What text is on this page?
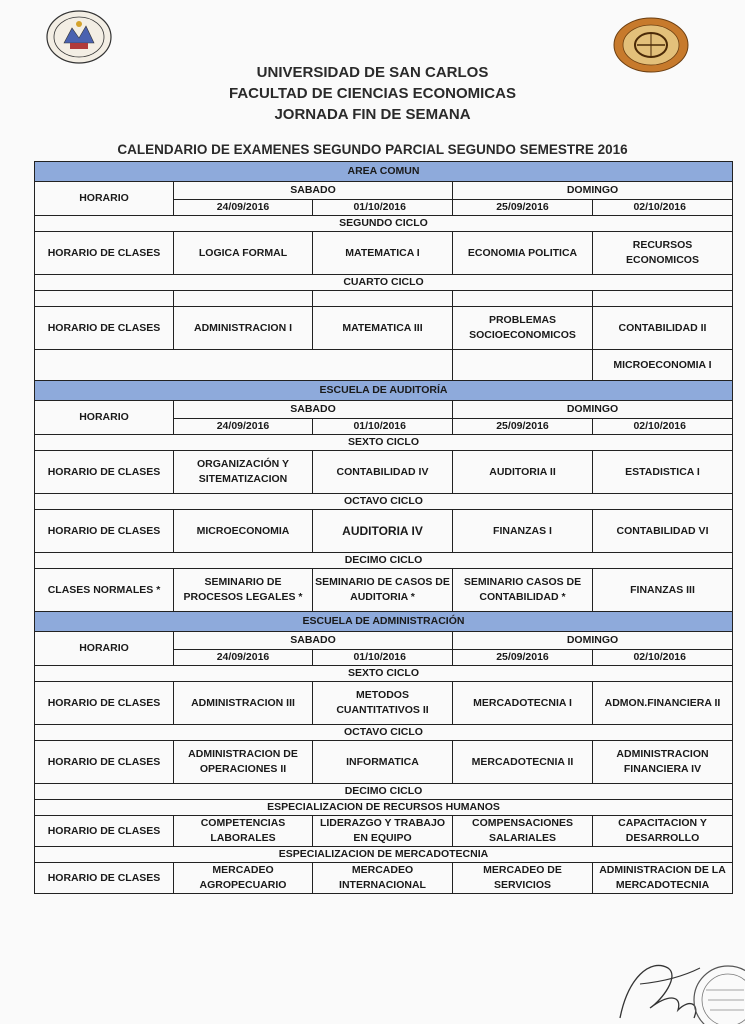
UNIVERSIDAD DE SAN CARLOS
FACULTAD DE CIENCIAS ECONOMICAS
JORNADA FIN DE SEMANA
CALENDARIO DE EXAMENES SEGUNDO PARCIAL SEGUNDO SEMESTRE 2016
AREA COMUN				
HORARIO	SABADO		DOMINGO	
	24/09/2016	01/10/2016	25/09/2016	02/10/2016
SEGUNDO CICLO				
HORARIO DE CLASES	LOGICA FORMAL	MATEMATICA I	ECONOMIA POLITICA	RECURSOS ECONOMICOS
CUARTO CICLO				

HORARIO DE CLASES	ADMINISTRACION I	MATEMATICA III	PROBLEMAS SOCIOECONOMICOS	CONTABILIDAD II
				MICROECONOMIA I
ESCUELA DE AUDITORÍA				
HORARIO	SABADO		DOMINGO	
	24/09/2016	01/10/2016	25/09/2016	02/10/2016
SEXTO CICLO				
HORARIO DE CLASES	ORGANIZACIÓN Y SITEMATIZACION	CONTABILIDAD IV	AUDITORIA II	ESTADISTICA I
OCTAVO CICLO				
HORARIO DE CLASES	MICROECONOMIA	AUDITORIA IV	FINANZAS I	CONTABILIDAD VI
DECIMO CICLO				
CLASES NORMALES *	SEMINARIO DE PROCESOS LEGALES *	SEMINARIO DE CASOS DE AUDITORIA *	SEMINARIO CASOS DE CONTABILIDAD *	FINANZAS III
ESCUELA DE ADMINISTRACIÓN				
HORARIO	SABADO		DOMINGO	
	24/09/2016	01/10/2016	25/09/2016	02/10/2016
SEXTO CICLO				
HORARIO DE CLASES	ADMINISTRACION III	METODOS CUANTITATIVOS II	MERCADOTECNIA I	ADMON.FINANCIERA II
OCTAVO CICLO				
HORARIO DE CLASES	ADMINISTRACION DE OPERACIONES II	INFORMATICA	MERCADOTECNIA II	ADMINISTRACION FINANCIERA IV
DECIMO CICLO				
ESPECIALIZACION DE RECURSOS HUMANOS				
HORARIO DE CLASES	COMPETENCIAS LABORALES	LIDERAZGO Y TRABAJO EN EQUIPO	COMPENSACIONES SALARIALES	CAPACITACION Y DESARROLLO
ESPECIALIZACION DE MERCADOTECNIA				
HORARIO DE CLASES	MERCADEO AGROPECUARIO	MERCADEO INTERNACIONAL	MERCADEO DE SERVICIOS	ADMINISTRACION DE LA MERCADOTECNIA
